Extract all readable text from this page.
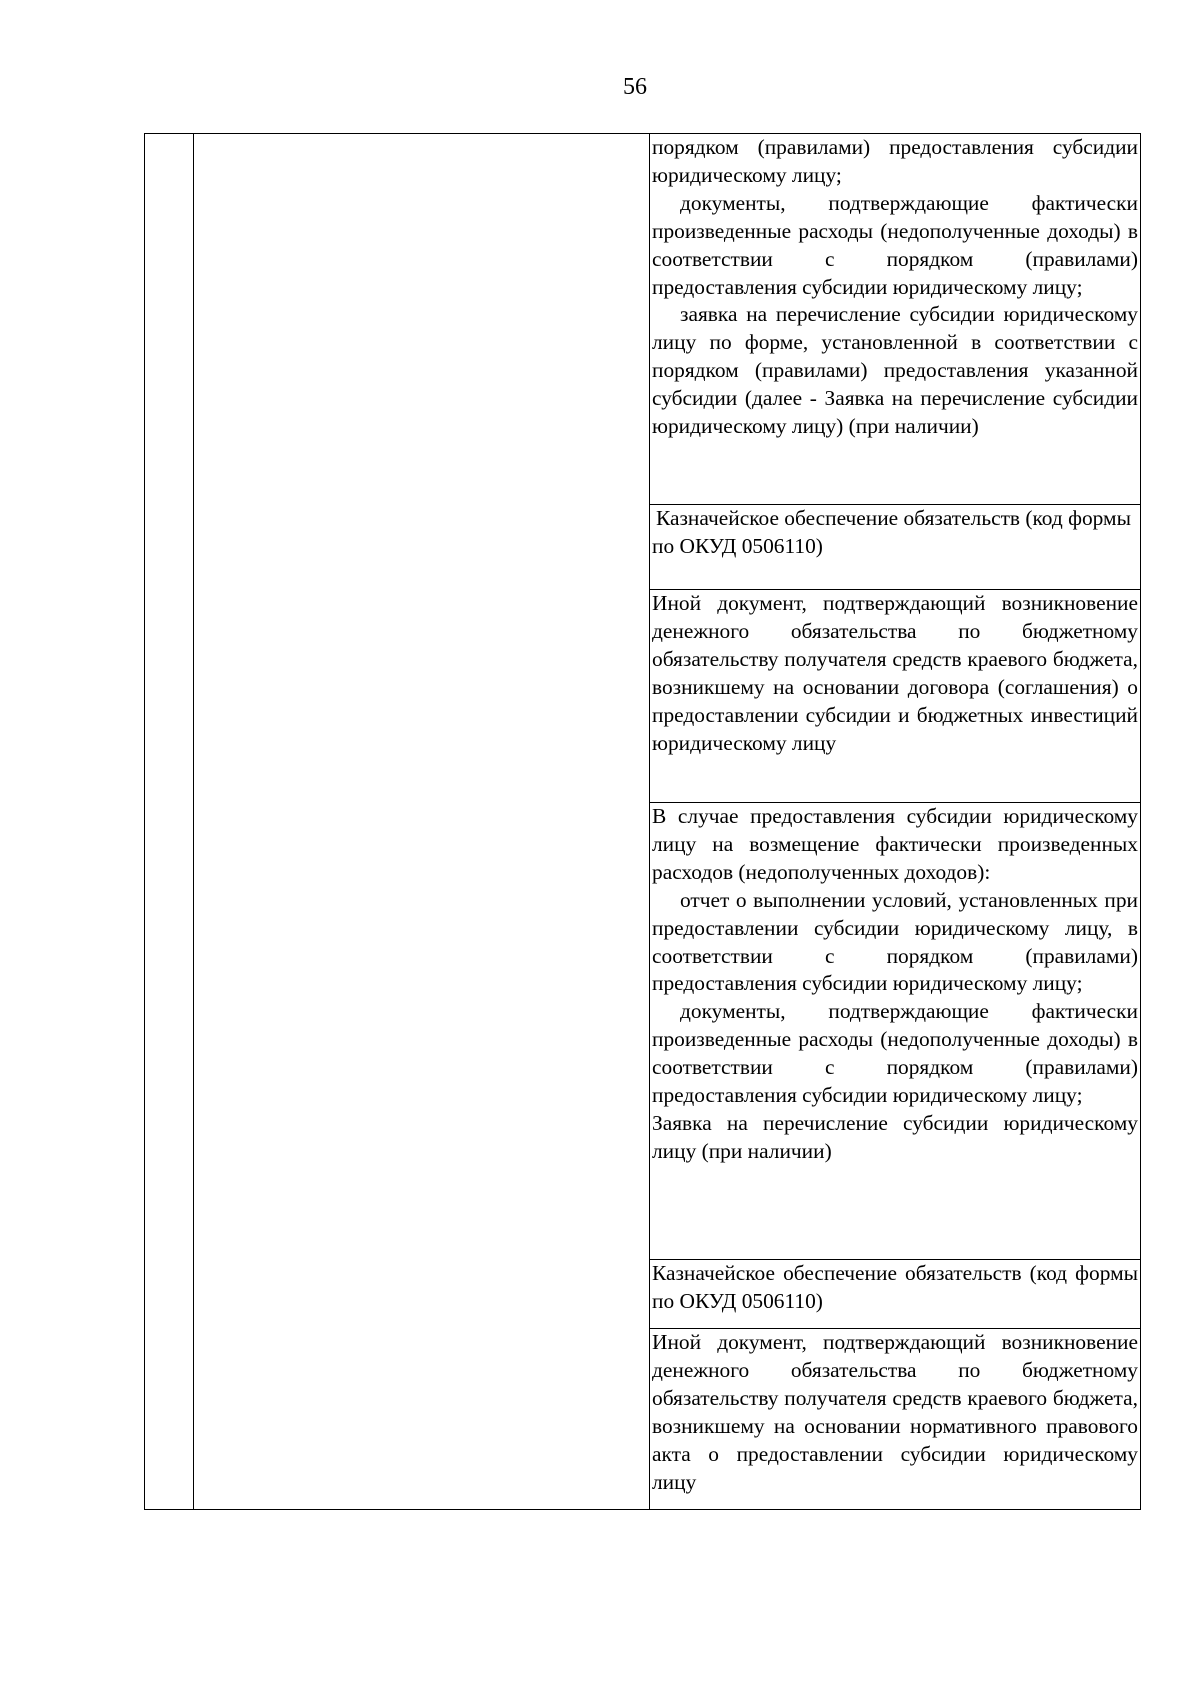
56

порядком (правилами) предоставления субсидии юридическому лицу;

документы, подтверждающие фактически произведенные расходы (недополученные доходы) в соответствии с порядком (правилами) предоставления субсидии юридическому лицу;

заявка на перечисление субсидии юридическому лицу по форме, установленной в соответствии с порядком (правилами) предоставления указанной субсидии (далее - Заявка на перечисление субсидии юридическому лицу) (при наличии)

Казначейское обеспечение обязательств (код формы по ОКУД 0506110)

Иной документ, подтверждающий возникновение денежного обязательства по бюджетному обязательству получателя средств краевого бюджета, возникшему на основании договора (соглашения) о предоставлении субсидии и бюджетных инвестиций юридическому лицу

В случае предоставления субсидии юридическому лицу на возмещение фактически произведенных расходов (недополученных доходов):

отчет о выполнении условий, установленных при предоставлении субсидии юридическому лицу, в соответствии с порядком (правилами) предоставления субсидии юридическому лицу;

документы, подтверждающие фактически произведенные расходы (недополученные доходы) в соответствии с порядком (правилами) предоставления субсидии юридическому лицу;

Заявка на перечисление субсидии юридическому лицу (при наличии)

Казначейское обеспечение обязательств (код формы по ОКУД 0506110)

Иной документ, подтверждающий возникновение денежного обязательства по бюджетному обязательству получателя средств краевого бюджета, возникшему на основании нормативного правового акта о предоставлении субсидии юридическому лицу
